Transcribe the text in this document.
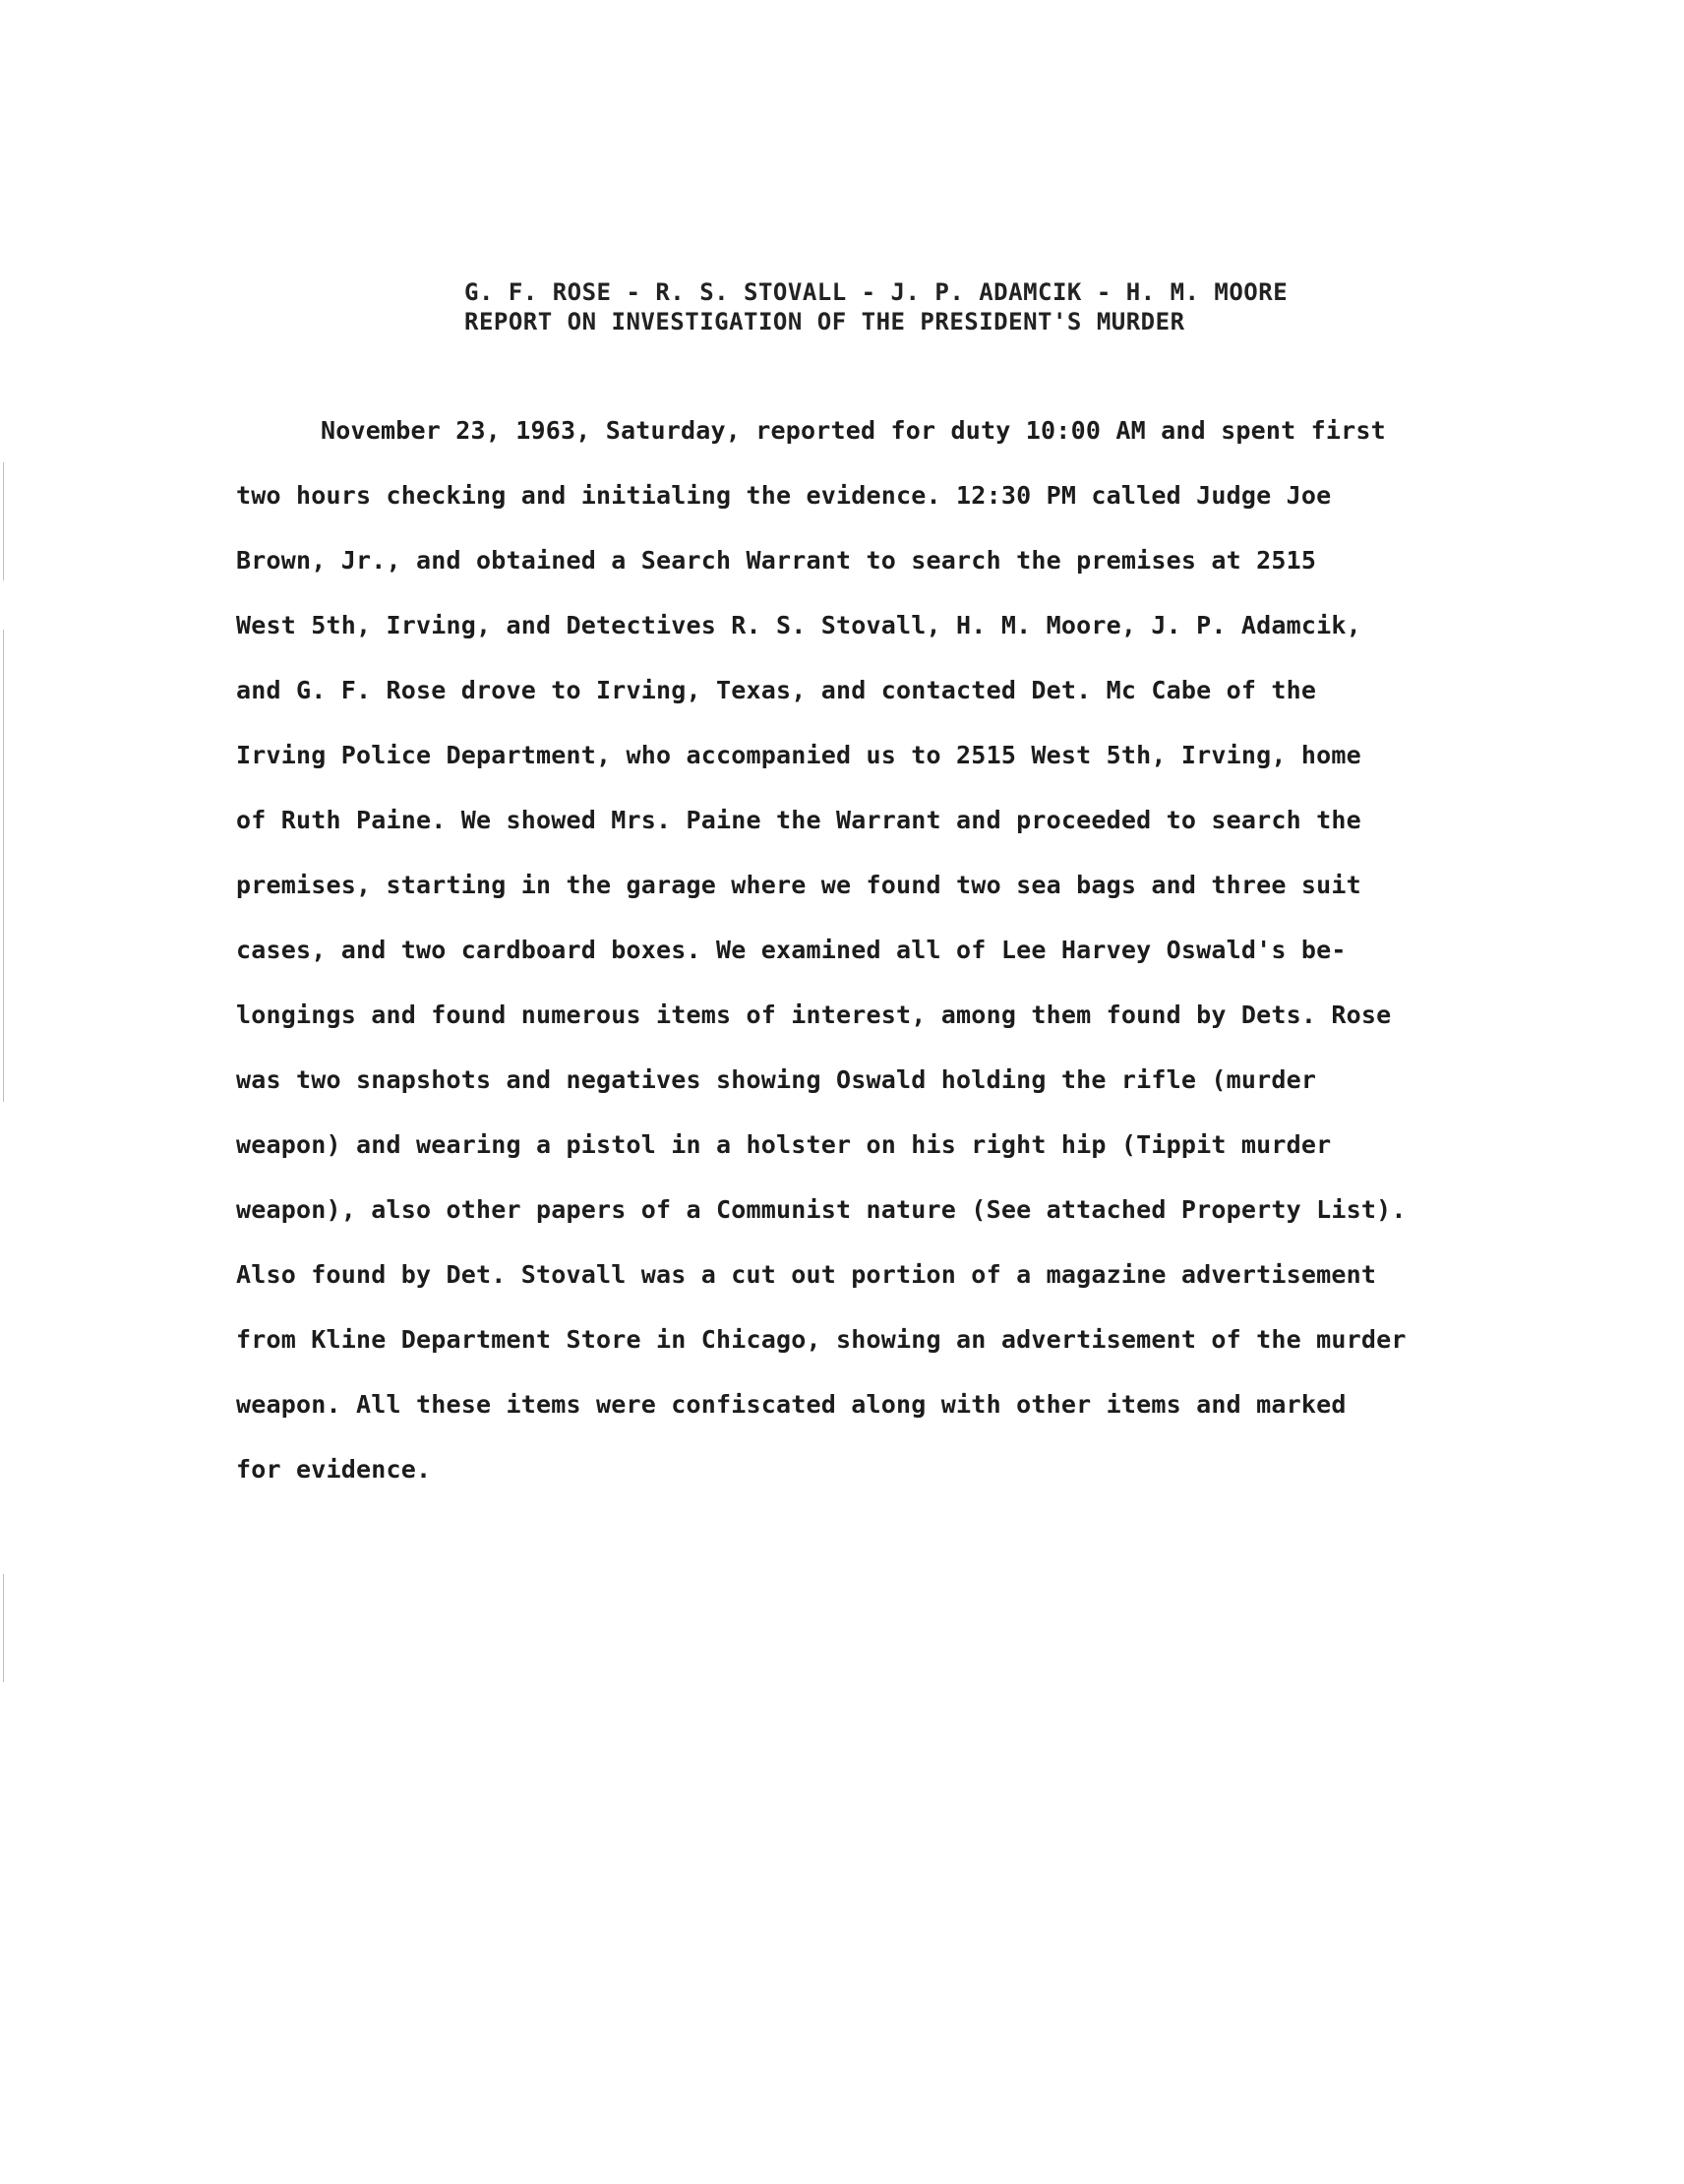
G. F. ROSE - R. S. STOVALL - J. P. ADAMCIK - H. M. MOORE
REPORT ON INVESTIGATION OF THE PRESIDENT'S MURDER
November 23, 1963, Saturday, reported for duty 10:00 AM and spent first
two hours checking and initialing the evidence. 12:30 PM called Judge Joe
Brown, Jr., and obtained a Search Warrant to search the premises at 2515
West 5th, Irving, and Detectives R. S. Stovall, H. M. Moore, J. P. Adamcik,
and G. F. Rose drove to Irving, Texas, and contacted Det. Mc Cabe of the
Irving Police Department, who accompanied us to 2515 West 5th, Irving, home
of Ruth Paine. We showed Mrs. Paine the Warrant and proceeded to search the
premises, starting in the garage where we found two sea bags and three suit
cases, and two cardboard boxes. We examined all of Lee Harvey Oswald's be-
longings and found numerous items of interest, among them found by Dets. Rose
was two snapshots and negatives showing Oswald holding the rifle (murder
weapon) and wearing a pistol in a holster on his right hip (Tippit murder
weapon), also other papers of a Communist nature (See attached Property List).
Also found by Det. Stovall was a cut out portion of a magazine advertisement
from Kline Department Store in Chicago, showing an advertisement of the murder
weapon. All these items were confiscated along with other items and marked
for evidence.
